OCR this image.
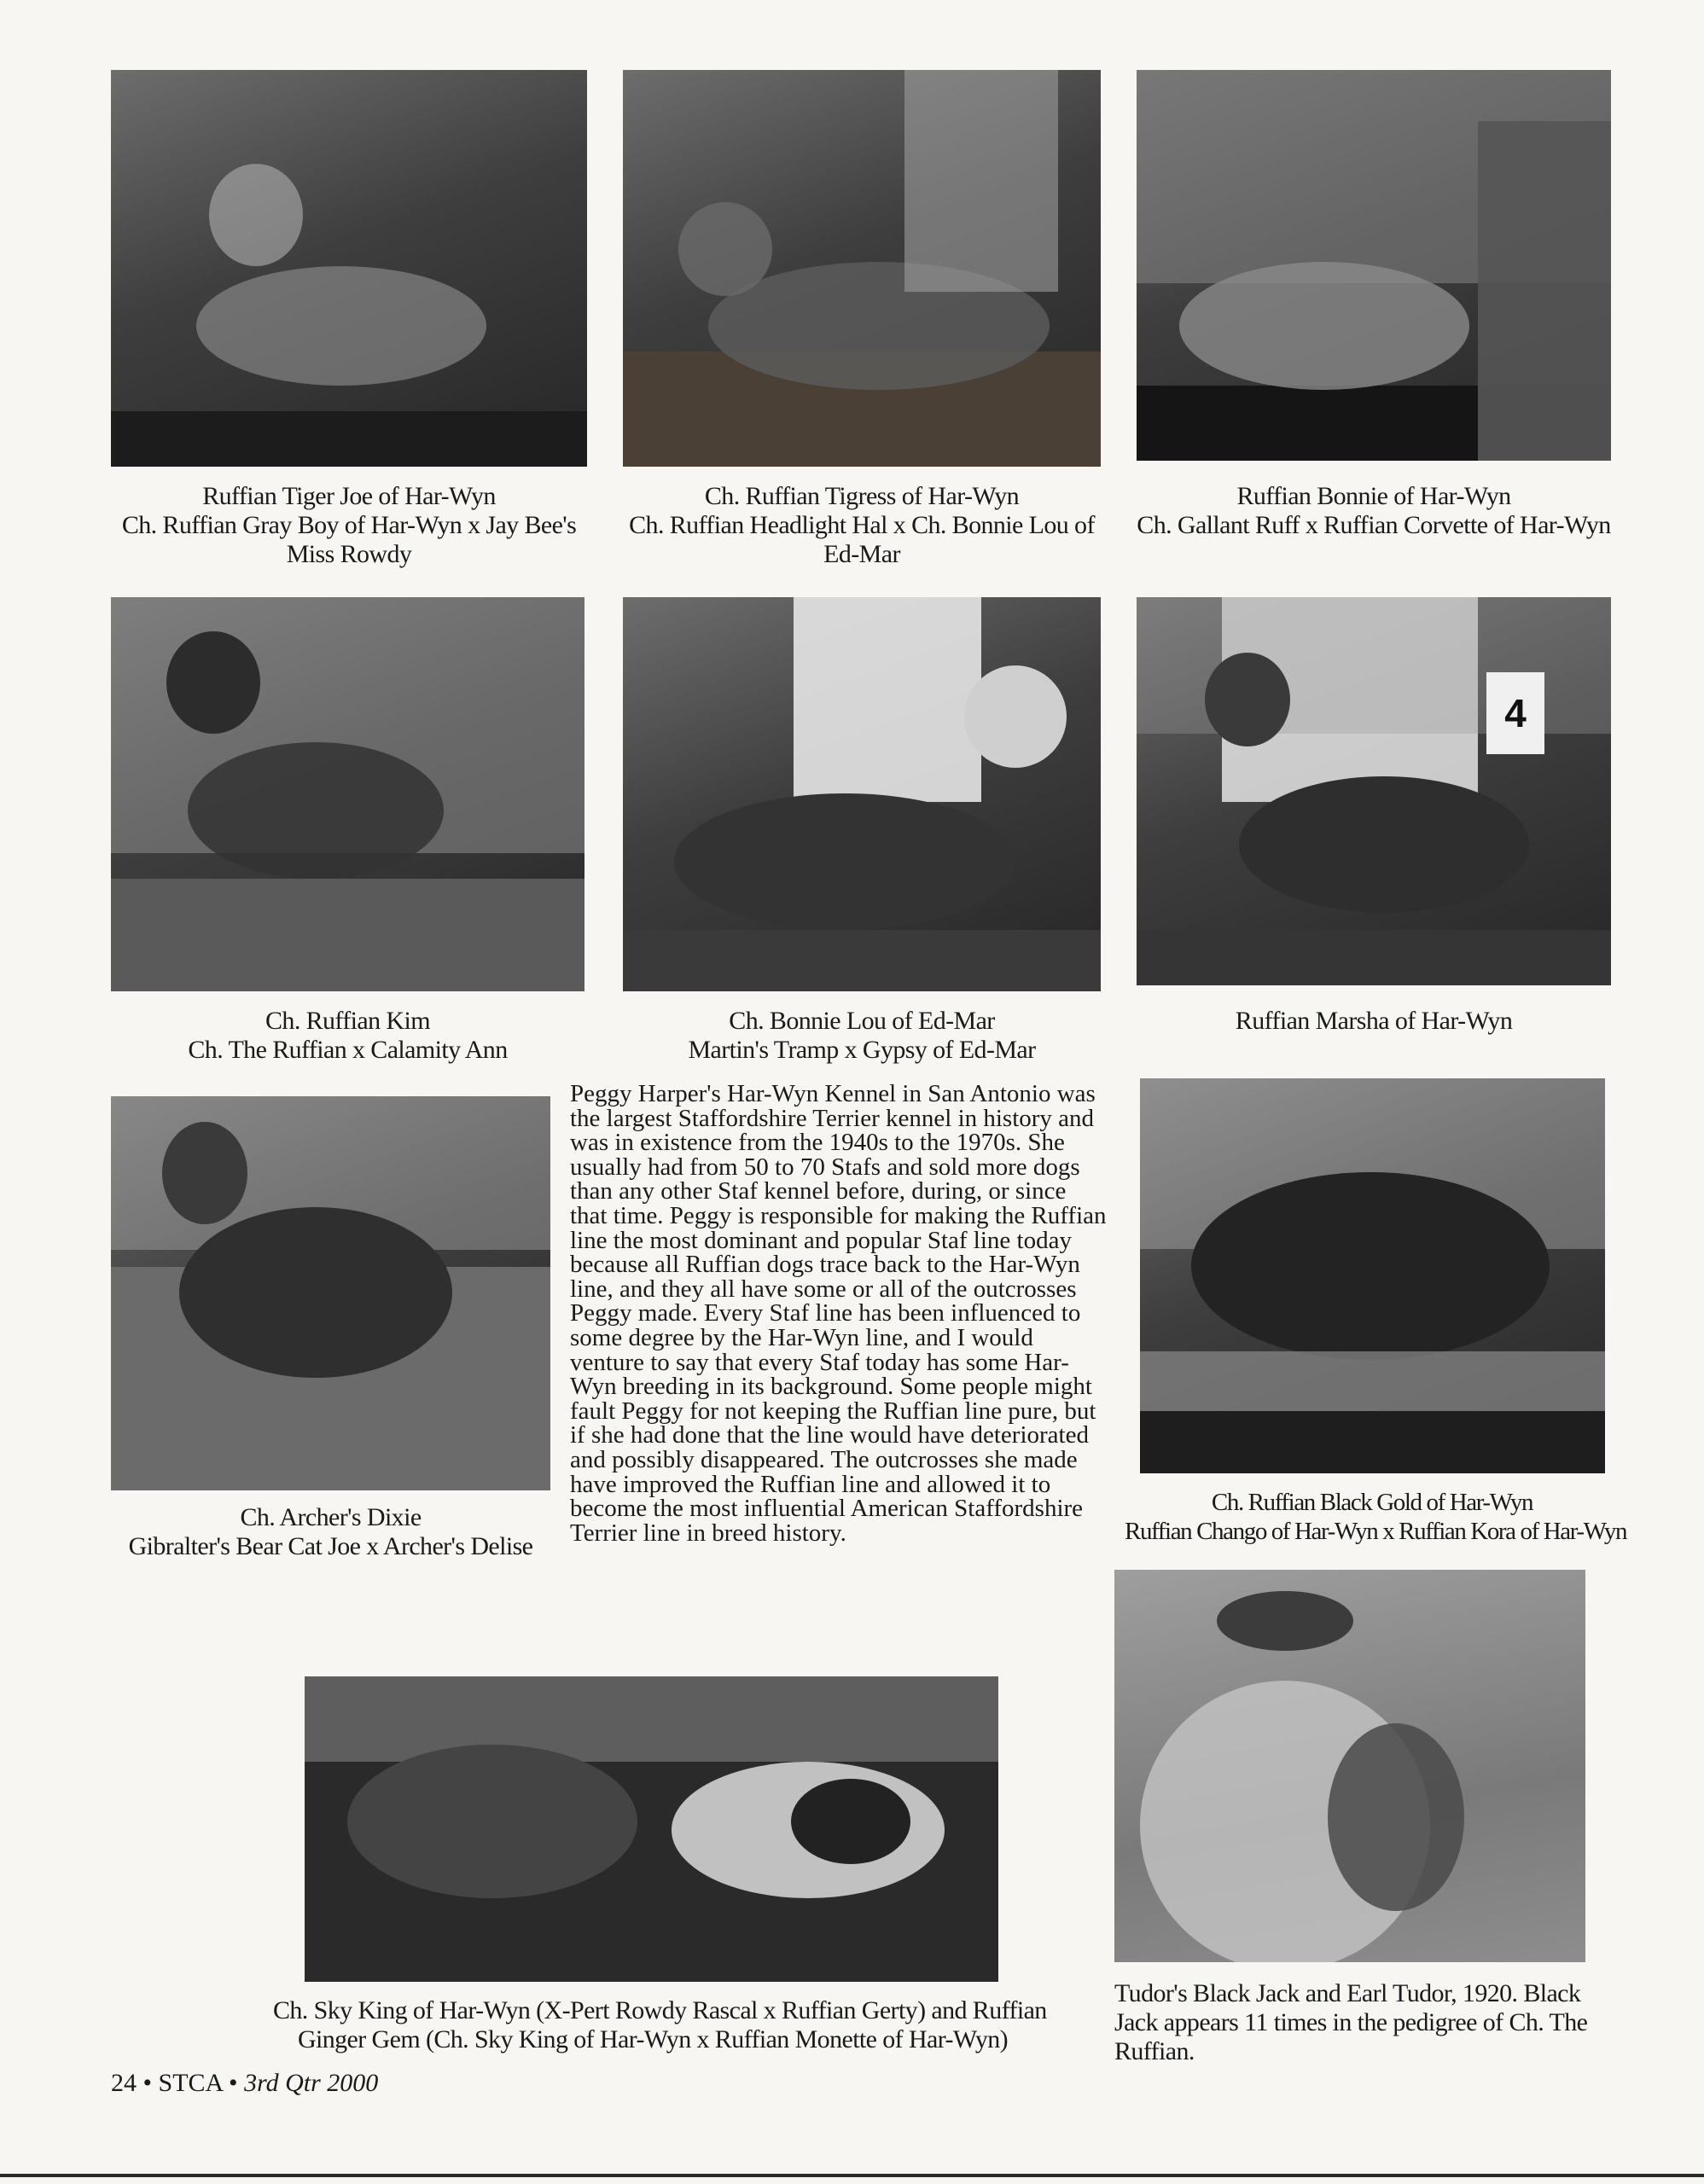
Ruffian Tiger Joe of Har-Wyn
Ch. Ruffian Gray Boy of Har-Wyn x Jay Bee's Miss Rowdy
Ch. Ruffian Tigress of Har-Wyn
Ch. Ruffian Headlight Hal x Ch. Bonnie Lou of Ed-Mar
Ruffian Bonnie of Har-Wyn
Ch. Gallant Ruff x Ruffian Corvette of Har-Wyn
4
Ch. Ruffian Kim
Ch. The Ruffian x Calamity Ann
Ch. Bonnie Lou of Ed-Mar
Martin's Tramp x Gypsy of Ed-Mar
Ruffian Marsha of Har-Wyn
Peggy Harper's Har-Wyn Kennel in San Antonio was the largest Staffordshire Terrier kennel in history and was in existence from the 1940s to the 1970s. She usually had from 50 to 70 Stafs and sold more dogs than any other Staf kennel before, during, or since that time. Peggy is responsible for making the Ruffian line the most dominant and popular Staf line today because all Ruffian dogs trace back to the Har-Wyn line, and they all have some or all of the outcrosses Peggy made. Every Staf line has been influenced to some degree by the Har-Wyn line, and I would venture to say that every Staf today has some Har-Wyn breeding in its background. Some people might fault Peggy for not keeping the Ruffian line pure, but if she had done that the line would have deteriorated and possibly disappeared. The outcrosses she made have improved the Ruffian line and allowed it to become the most influential American Staffordshire Terrier line in breed history.
Ch. Archer's Dixie
Gibralter's Bear Cat Joe x Archer's Delise
Ch. Ruffian Black Gold of Har-Wyn
Ruffian Chango of Har-Wyn x Ruffian Kora of Har-Wyn
Ch. Sky King of Har-Wyn (X-Pert Rowdy Rascal x Ruffian Gerty) and Ruffian
Ginger Gem (Ch. Sky King of Har-Wyn x Ruffian Monette of Har-Wyn)
Tudor's Black Jack and Earl Tudor, 1920. Black Jack appears 11 times in the pedigree of Ch. The Ruffian.
24 • STCA • 3rd Qtr 2000
